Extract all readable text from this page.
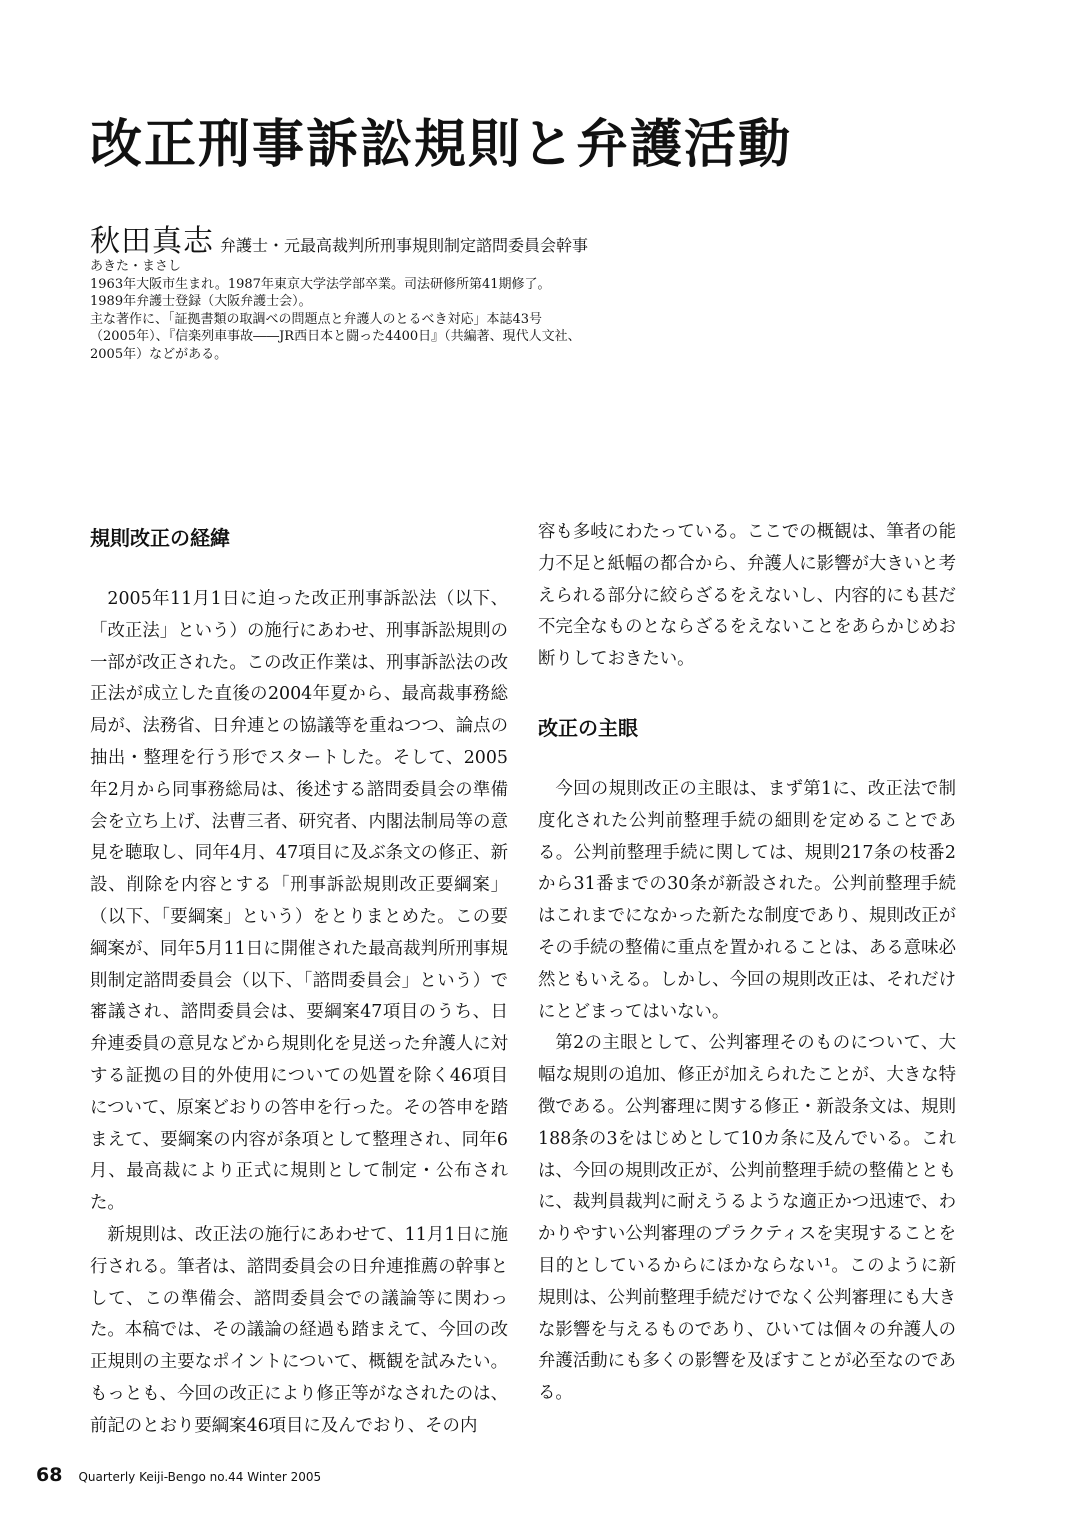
改正刑事訴訟規則と弁護活動
秋田真志 弁護士・元最高裁判所刑事規則制定諮問委員会幹事
あきた・まさし
1963年大阪市生まれ。1987年東京大学法学部卒業。司法研修所第41期修了。
1989年弁護士登録（大阪弁護士会）。
主な著作に、「証拠書類の取調べの問題点と弁護人のとるべき対応」本誌43号
（2005年）、『信楽列車事故――JR西日本と闘った4400日』（共編著、現代人文社、
2005年）などがある。
規則改正の経緯

2005年11月1日に迫った改正刑事訴訟法（以下、「改正法」という）の施行にあわせ、刑事訴訟規則の一部が改正された。この改正作業は、刑事訴訟法の改正法が成立した直後の2004年夏から、最高裁事務総局が、法務省、日弁連との協議等を重ねつつ、論点の抽出・整理を行う形でスタートした。そして、2005年2月から同事務総局は、後述する諮問委員会の準備会を立ち上げ、法曹三者、研究者、内閣法制局等の意見を聴取し、同年4月、47項目に及ぶ条文の修正、新設、削除を内容とする「刑事訴訟規則改正要綱案」（以下、「要綱案」という）をとりまとめた。この要綱案が、同年5月11日に開催された最高裁判所刑事規則制定諮問委員会（以下、「諮問委員会」という）で審議され、諮問委員会は、要綱案47項目のうち、日弁連委員の意見などから規則化を見送った弁護人に対する証拠の目的外使用についての処置を除く46項目について、原案どおりの答申を行った。その答申を踏まえて、要綱案の内容が条項として整理され、同年6月、最高裁により正式に規則として制定・公布された。

新規則は、改正法の施行にあわせて、11月1日に施行される。筆者は、諮問委員会の日弁連推薦の幹事として、この準備会、諮問委員会での議論等に関わった。本稿では、その議論の経過も踏まえて、今回の改正規則の主要なポイントについて、概観を試みたい。もっとも、今回の改正により修正等がなされたのは、前記のとおり要綱案46項目に及んでおり、その内

容も多岐にわたっている。ここでの概観は、筆者の能力不足と紙幅の都合から、弁護人に影響が大きいと考えられる部分に絞らざるをえないし、内容的にも甚だ不完全なものとならざるをえないことをあらかじめお断りしておきたい。

改正の主眼

今回の規則改正の主眼は、まず第1に、改正法で制度化された公判前整理手続の細則を定めることである。公判前整理手続に関しては、規則217条の枝番2から31番までの30条が新設された。公判前整理手続はこれまでになかった新たな制度であり、規則改正がその手続の整備に重点を置かれることは、ある意味必然ともいえる。しかし、今回の規則改正は、それだけにとどまってはいない。

第2の主眼として、公判審理そのものについて、大幅な規則の追加、修正が加えられたことが、大きな特徴である。公判審理に関する修正・新設条文は、規則188条の3をはじめとして10カ条に及んでいる。これは、今回の規則改正が、公判前整理手続の整備とともに、裁判員裁判に耐えうるような適正かつ迅速で、わかりやすい公判審理のプラクティスを実現することを目的としているからにほかならない¹。このように新規則は、公判前整理手続だけでなく公判審理にも大きな影響を与えるものであり、ひいては個々の弁護人の弁護活動にも多くの影響を及ぼすことが必至なのである。

68 Quarterly Keiji-Bengo no.44 Winter 2005
